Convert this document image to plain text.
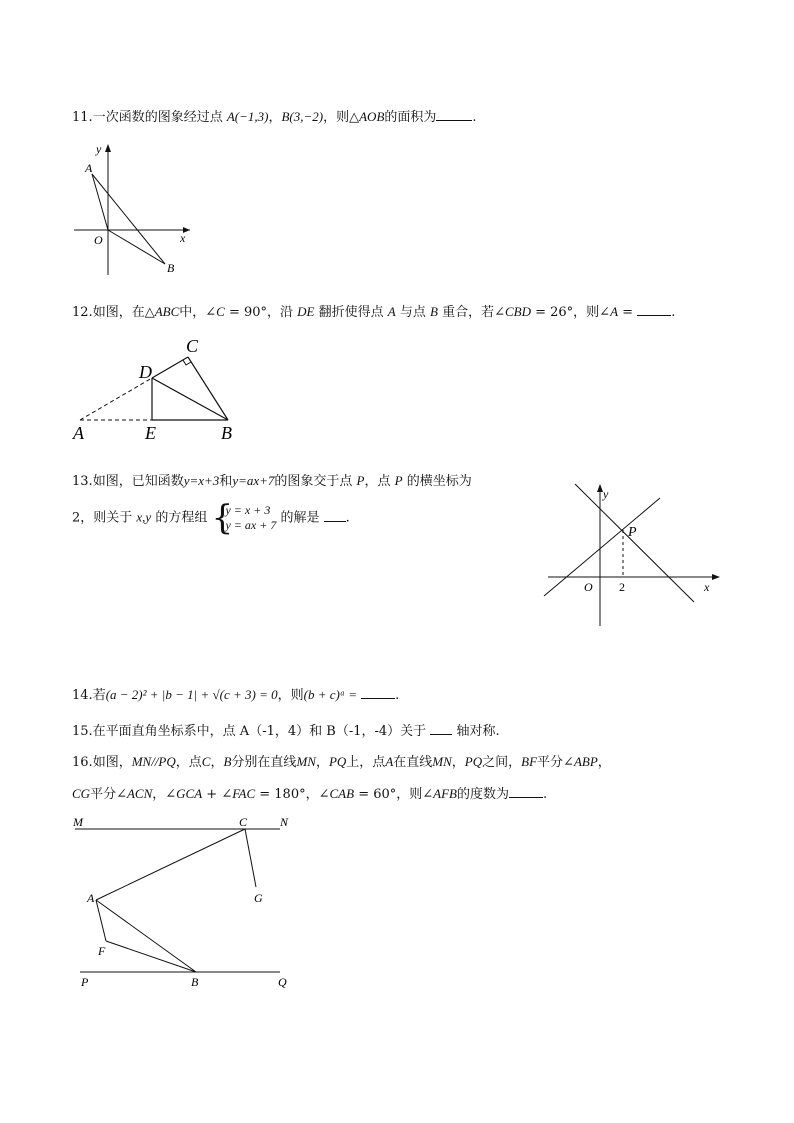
11.一次函数的图象经过点 A(−1,3)，B(3,−2)，则△AOB的面积为	.
y
A
O	x
B
12.如图，在△ABC中，∠C = 90°，沿 DE 翻折使得点 A 与点 B 重合，若∠CBD = 26°，则∠A =	.
C
D
A	E	B
13.如图，已知函数y=x+3和y=ax+7的图象交于点 P，点 P 的横坐标为
2，则关于 x,y 的方程组 {
y = x + 3
y = ax + 7 的解是 .
y
P
O 2	x
14.若(a − 2)² + |b − 1| + √(c + 3) = 0，则(b + c)ᵃ =	.
15.在平面直角坐标系中，点 A（-1，4）和 B（-1，-4）关于 轴对称.
16.如图，MN//PQ，点C，B分别在直线MN，PQ上，点A在直线MN，PQ之间，BF平分∠ABP，
CG平分∠ACN，∠GCA + ∠FAC = 180°，∠CAB = 60°，则∠AFB的度数为	.
M	C	N
A	G
F
P	B	Q
